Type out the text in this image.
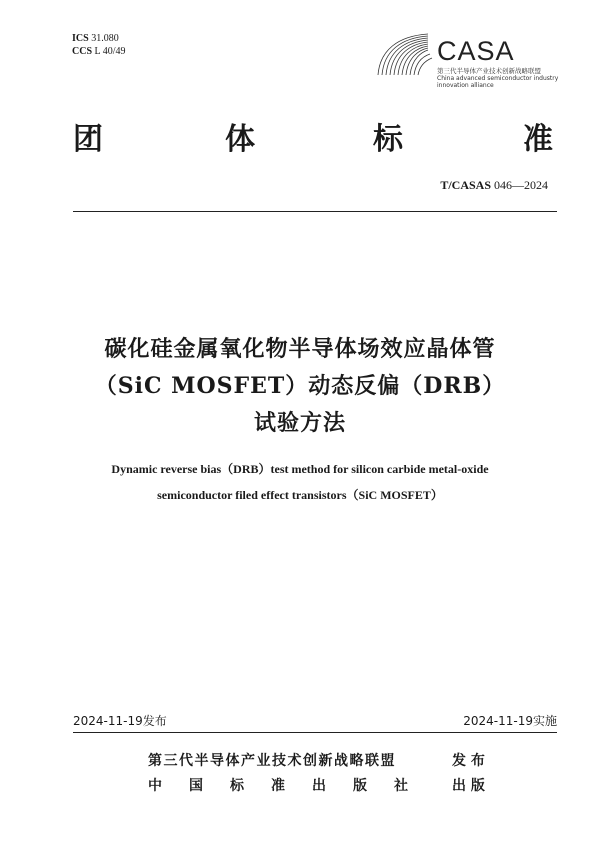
ICS 31.080
CCS L 40/49	CASA
第三代半导体产业技术创新战略联盟
China advanced semiconductor industry
innovation alliance
团	体	标	准
T/CASAS 046—2024
碳化硅金属氧化物半导体场效应晶体管
（SiC MOSFET）动态反偏（DRB）
试验方法
Dynamic reverse bias（DRB）test method for silicon carbide metal-oxide
semiconductor filed effect transistors（SiC MOSFET）
2024-11-19发布	2024-11-19实施
第三代半导体产业技术创新战略联盟	发 布
中 国 标 准 出 版 社	出 版
